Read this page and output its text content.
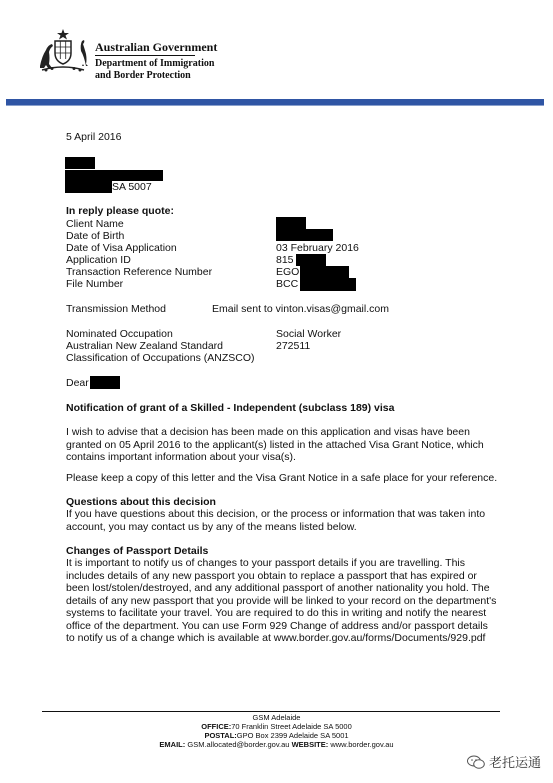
Australian Government
Department of Immigration
and Border Protection
5 April 2016
SA 5007
In reply please quote:
Client Name
Date of Birth
Date of Visa Application
Application ID
Transaction Reference Number
File Number
03 February 2016
815
EGO
BCC
Transmission Method	Email sent to vinton.visas@gmail.com
Nominated Occupation
Australian New Zealand Standard
Classification of Occupations (ANZSCO)
Social Worker
272511
Dear
Notification of grant of a Skilled - Independent (subclass 189) visa
I wish to advise that a decision has been made on this application and visas have been
granted on 05 April 2016 to the applicant(s) listed in the attached Visa Grant Notice, which
contains important information about your visa(s).
Please keep a copy of this letter and the Visa Grant Notice in a safe place for your reference.
Questions about this decision
If you have questions about this decision, or the process or information that was taken into
account, you may contact us by any of the means listed below.
Changes of Passport Details
It is important to notify us of changes to your passport details if you are travelling. This
includes details of any new passport you obtain to replace a passport that has expired or
been lost/stolen/destroyed, and any additional passport of another nationality you hold. The
details of any new passport that you provide will be linked to your record on the department's
systems to facilitate your travel. You are required to do this in writing and notify the nearest
office of the department. You can use Form 929 Change of address and/or passport details
to notify us of a change which is available at www.border.gov.au/forms/Documents/929.pdf
GSM Adelaide
OFFICE:70 Franklin Street Adelaide SA 5000
POSTAL:GPO Box 2399 Adelaide SA 5001
EMAIL: GSM.allocated@border.gov.au WEBSITE: www.border.gov.au
老托运通
